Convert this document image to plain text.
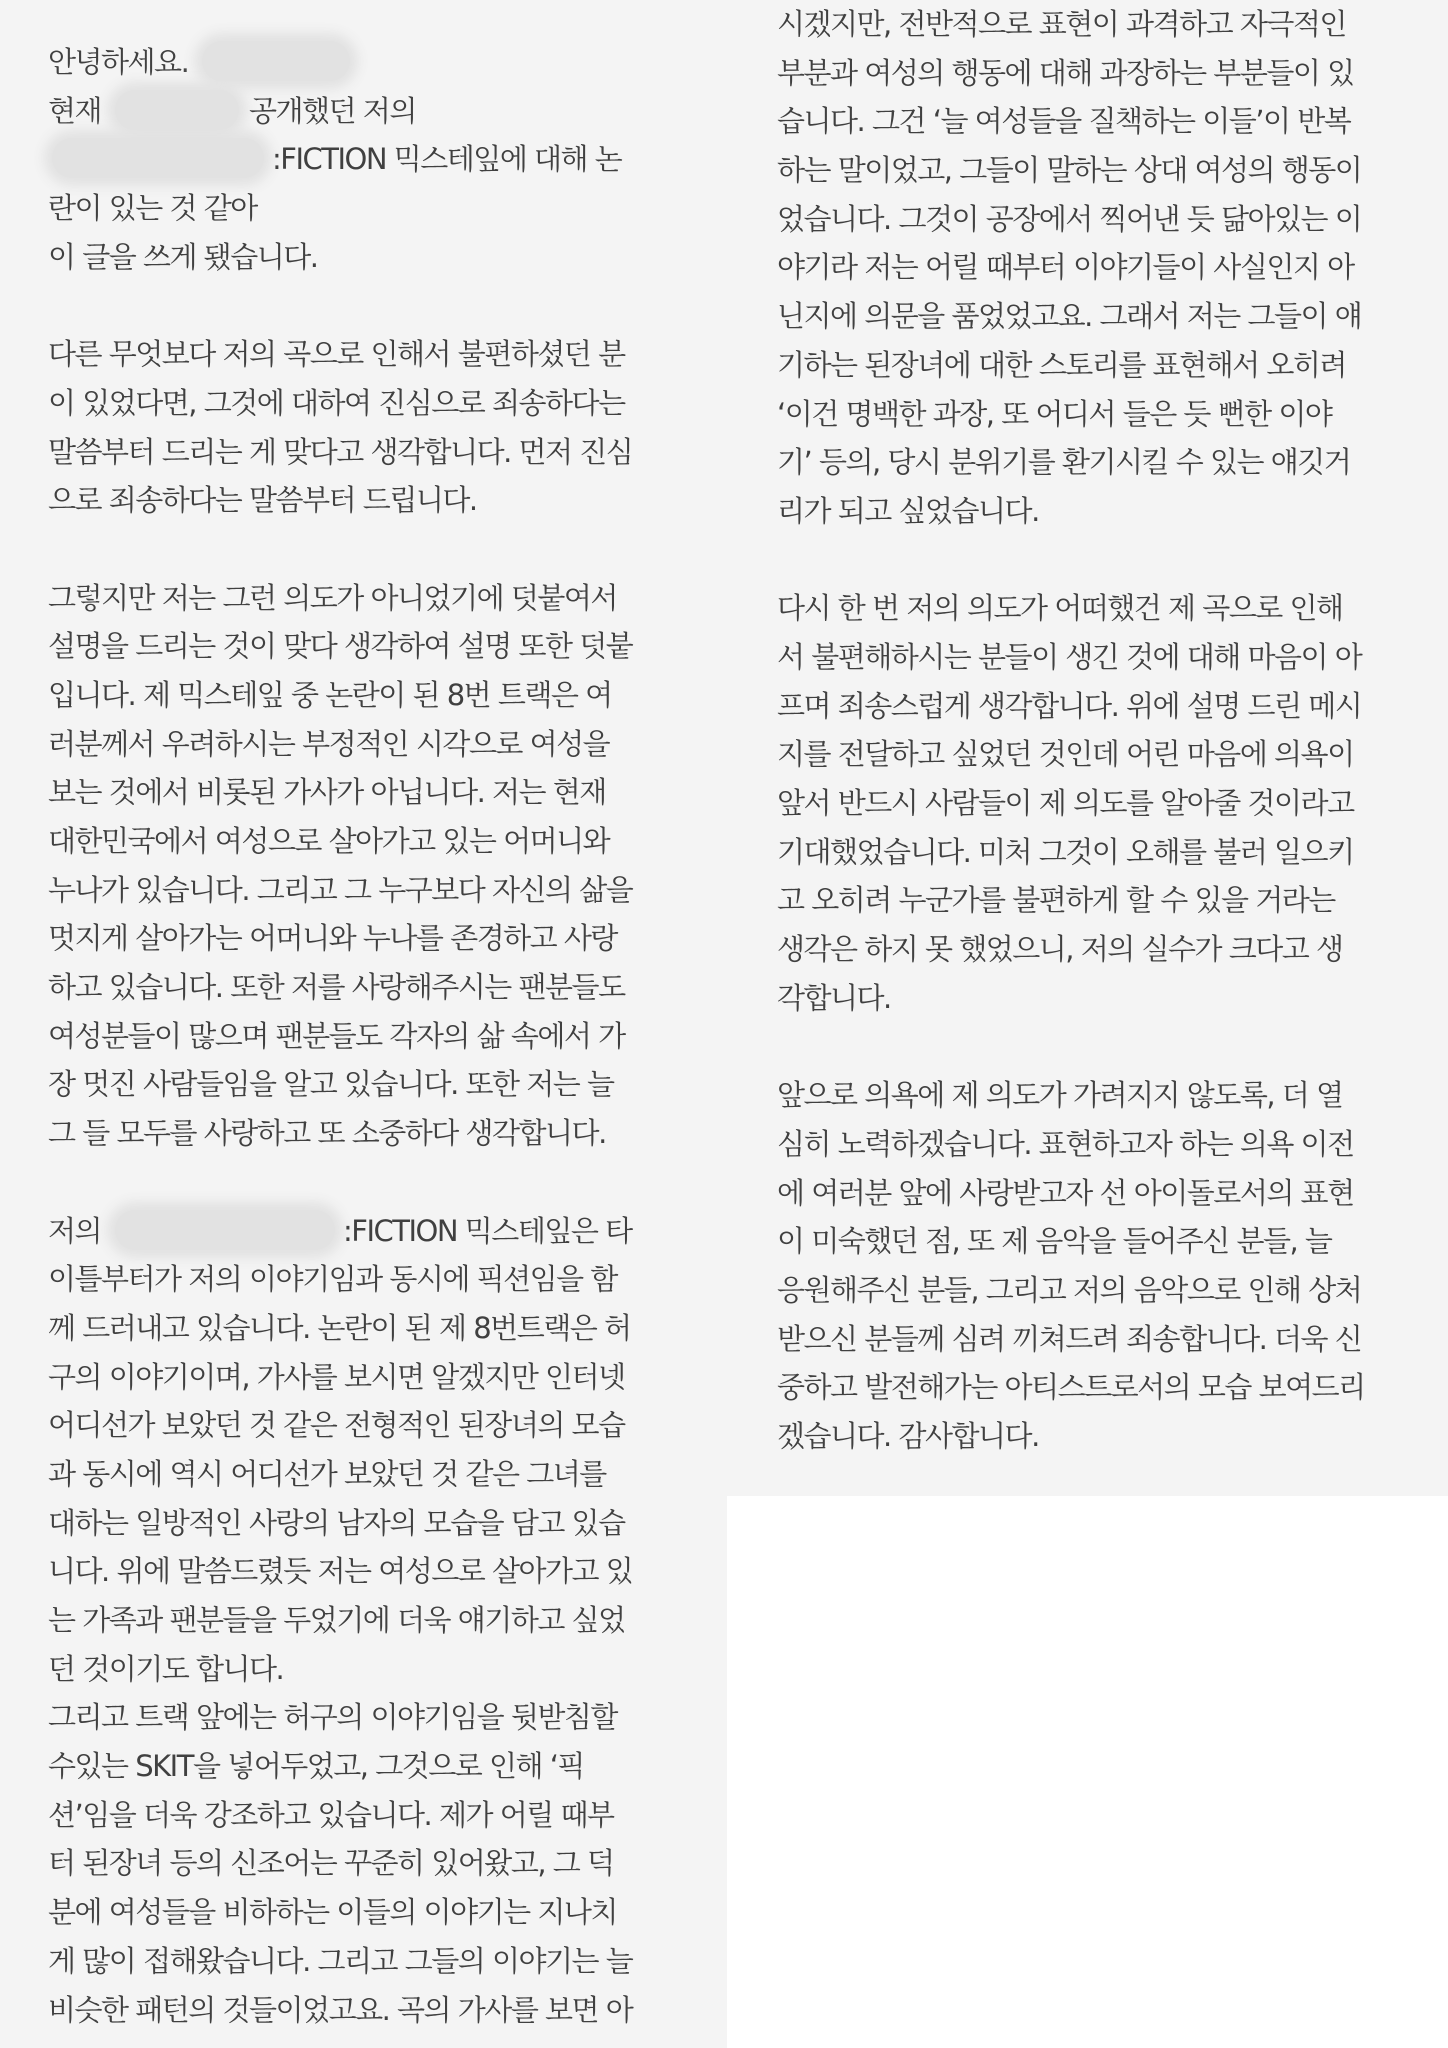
안녕하세요.
현재	공개했던 저의
:FICTION 믹스테잎에 대해 논
란이 있는 것 같아
이 글을 쓰게 됐습니다.
다른 무엇보다 저의 곡으로 인해서 불편하셨던 분
이 있었다면, 그것에 대하여 진심으로 죄송하다는
말씀부터 드리는 게 맞다고 생각합니다. 먼저 진심
으로 죄송하다는 말씀부터 드립니다.
그렇지만 저는 그런 의도가 아니었기에 덧붙여서
설명을 드리는 것이 맞다 생각하여 설명 또한 덧붙
입니다. 제 믹스테잎 중 논란이 된 8번 트랙은 여
러분께서 우려하시는 부정적인 시각으로 여성을
보는 것에서 비롯된 가사가 아닙니다. 저는 현재
대한민국에서 여성으로 살아가고 있는 어머니와
누나가 있습니다. 그리고 그 누구보다 자신의 삶을
멋지게 살아가는 어머니와 누나를 존경하고 사랑
하고 있습니다. 또한 저를 사랑해주시는 팬분들도
여성분들이 많으며 팬분들도 각자의 삶 속에서 가
장 멋진 사람들임을 알고 있습니다. 또한 저는 늘
그 들 모두를 사랑하고 또 소중하다 생각합니다.
저의	:FICTION 믹스테잎은 타
이틀부터가 저의 이야기임과 동시에 픽션임을 함
께 드러내고 있습니다. 논란이 된 제 8번트랙은 허
구의 이야기이며, 가사를 보시면 알겠지만 인터넷
어디선가 보았던 것 같은 전형적인 된장녀의 모습
과 동시에 역시 어디선가 보았던 것 같은 그녀를
대하는 일방적인 사랑의 남자의 모습을 담고 있습
니다. 위에 말씀드렸듯 저는 여성으로 살아가고 있
는 가족과 팬분들을 두었기에 더욱 얘기하고 싶었
던 것이기도 합니다.
그리고 트랙 앞에는 허구의 이야기임을 뒷받침할
수있는 SKIT을 넣어두었고, 그것으로 인해 ‘픽
션’임을 더욱 강조하고 있습니다. 제가 어릴 때부
터 된장녀 등의 신조어는 꾸준히 있어왔고, 그 덕
분에 여성들을 비하하는 이들의 이야기는 지나치
게 많이 접해왔습니다. 그리고 그들의 이야기는 늘
비슷한 패턴의 것들이었고요. 곡의 가사를 보면 아
시겠지만, 전반적으로 표현이 과격하고 자극적인
부분과 여성의 행동에 대해 과장하는 부분들이 있
습니다. 그건 ‘늘 여성들을 질책하는 이들’이 반복
하는 말이었고, 그들이 말하는 상대 여성의 행동이
었습니다. 그것이 공장에서 찍어낸 듯 닮아있는 이
야기라 저는 어릴 때부터 이야기들이 사실인지 아
닌지에 의문을 품었었고요. 그래서 저는 그들이 얘
기하는 된장녀에 대한 스토리를 표현해서 오히려
‘이건 명백한 과장, 또 어디서 들은 듯 뻔한 이야
기’ 등의, 당시 분위기를 환기시킬 수 있는 얘깃거
리가 되고 싶었습니다.
다시 한 번 저의 의도가 어떠했건 제 곡으로 인해
서 불편해하시는 분들이 생긴 것에 대해 마음이 아
프며 죄송스럽게 생각합니다. 위에 설명 드린 메시
지를 전달하고 싶었던 것인데 어린 마음에 의욕이
앞서 반드시 사람들이 제 의도를 알아줄 것이라고
기대했었습니다. 미처 그것이 오해를 불러 일으키
고 오히려 누군가를 불편하게 할 수 있을 거라는
생각은 하지 못 했었으니, 저의 실수가 크다고 생
각합니다.
앞으로 의욕에 제 의도가 가려지지 않도록, 더 열
심히 노력하겠습니다. 표현하고자 하는 의욕 이전
에 여러분 앞에 사랑받고자 선 아이돌로서의 표현
이 미숙했던 점, 또 제 음악을 들어주신 분들, 늘
응원해주신 분들, 그리고 저의 음악으로 인해 상처
받으신 분들께 심려 끼쳐드려 죄송합니다. 더욱 신
중하고 발전해가는 아티스트로서의 모습 보여드리
겠습니다. 감사합니다.
